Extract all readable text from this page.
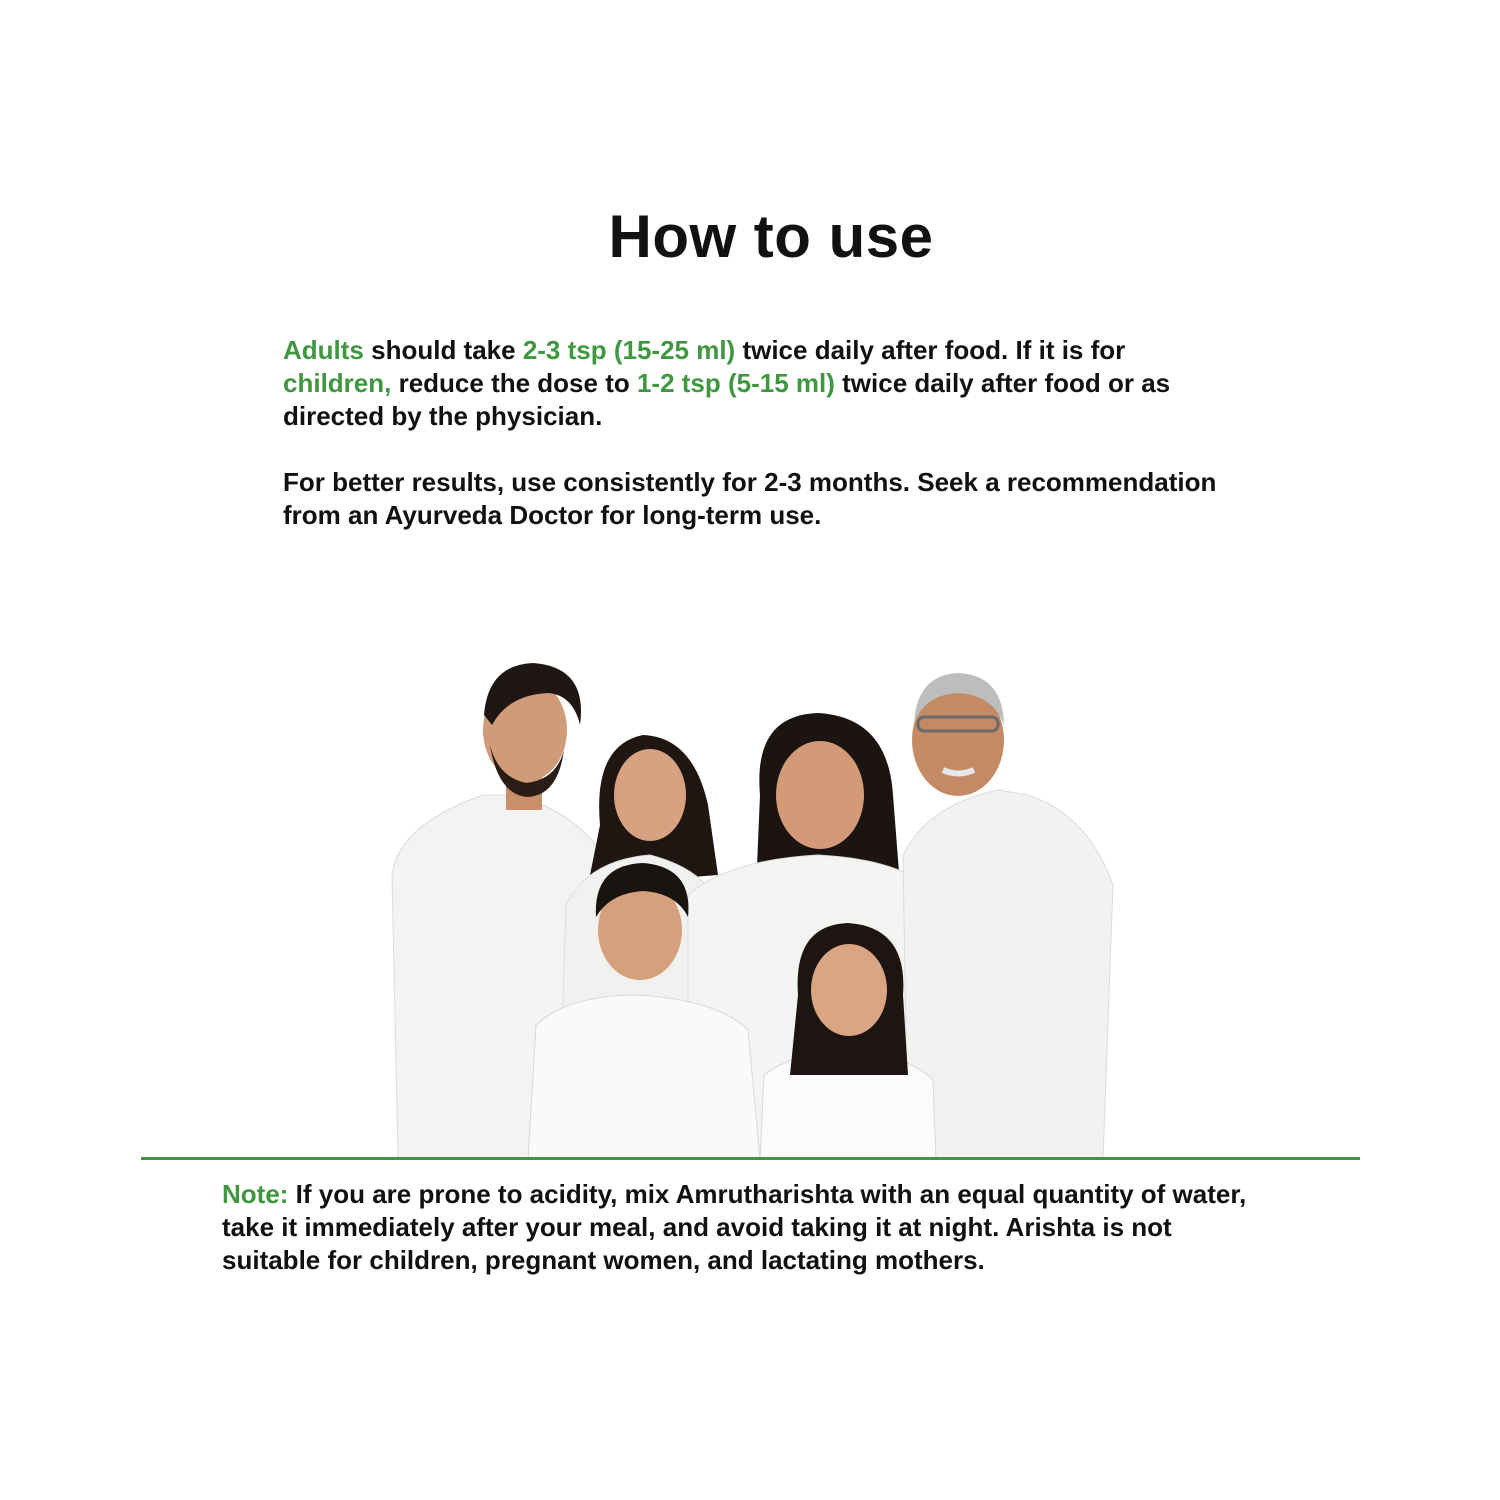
How to use

Adults should take 2-3 tsp (15-25 ml) twice daily after food. If it is for
children, reduce the dose to 1-2 tsp (5-15 ml) twice daily after food or as directed by the physician.

For better results, use consistently for 2-3 months. Seek a recommendation from an Ayurveda Doctor for long-term use.

Note: If you are prone to acidity, mix Amrutharishta with an equal quantity of water, take it immediately after your meal, and avoid taking it at night. Arishta is not suitable for children, pregnant women, and lactating mothers.
